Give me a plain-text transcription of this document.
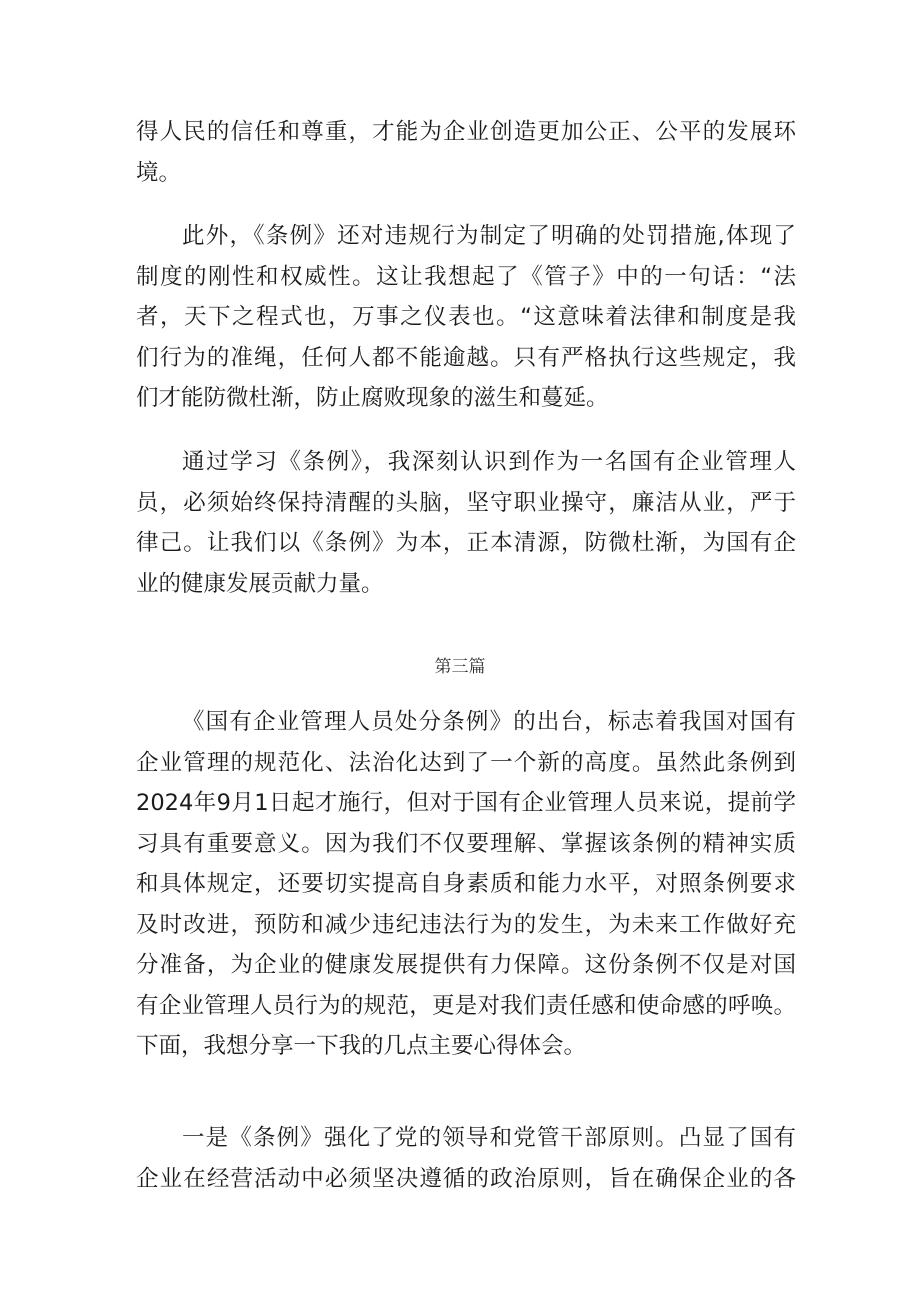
得人民的信任和尊重，才能为企业创造更加公正、公平的发展环
境。
此外，《条例》还对违规行为制定了明确的处罚措施,体现了
制度的刚性和权威性。这让我想起了《管子》中的一句话：“法
者，天下之程式也，万事之仪表也。“这意味着法律和制度是我
们行为的准绳，任何人都不能逾越。只有严格执行这些规定，我
们才能防微杜渐，防止腐败现象的滋生和蔓延。
通过学习《条例》，我深刻认识到作为一名国有企业管理人
员，必须始终保持清醒的头脑，坚守职业操守，廉洁从业，严于
律己。让我们以《条例》为本，正本清源，防微杜渐，为国有企
业的健康发展贡献力量。
第三篇
《国有企业管理人员处分条例》的出台，标志着我国对国有
企业管理的规范化、法治化达到了一个新的高度。虽然此条例到
2024年9月1日起才施行，但对于国有企业管理人员来说，提前学
习具有重要意义。因为我们不仅要理解、掌握该条例的精神实质
和具体规定，还要切实提高自身素质和能力水平，对照条例要求
及时改进，预防和减少违纪违法行为的发生，为未来工作做好充
分准备，为企业的健康发展提供有力保障。这份条例不仅是对国
有企业管理人员行为的规范，更是对我们责任感和使命感的呼唤。
下面，我想分享一下我的几点主要心得体会。
一是《条例》强化了党的领导和党管干部原则。凸显了国有
企业在经营活动中必须坚决遵循的政治原则，旨在确保企业的各
